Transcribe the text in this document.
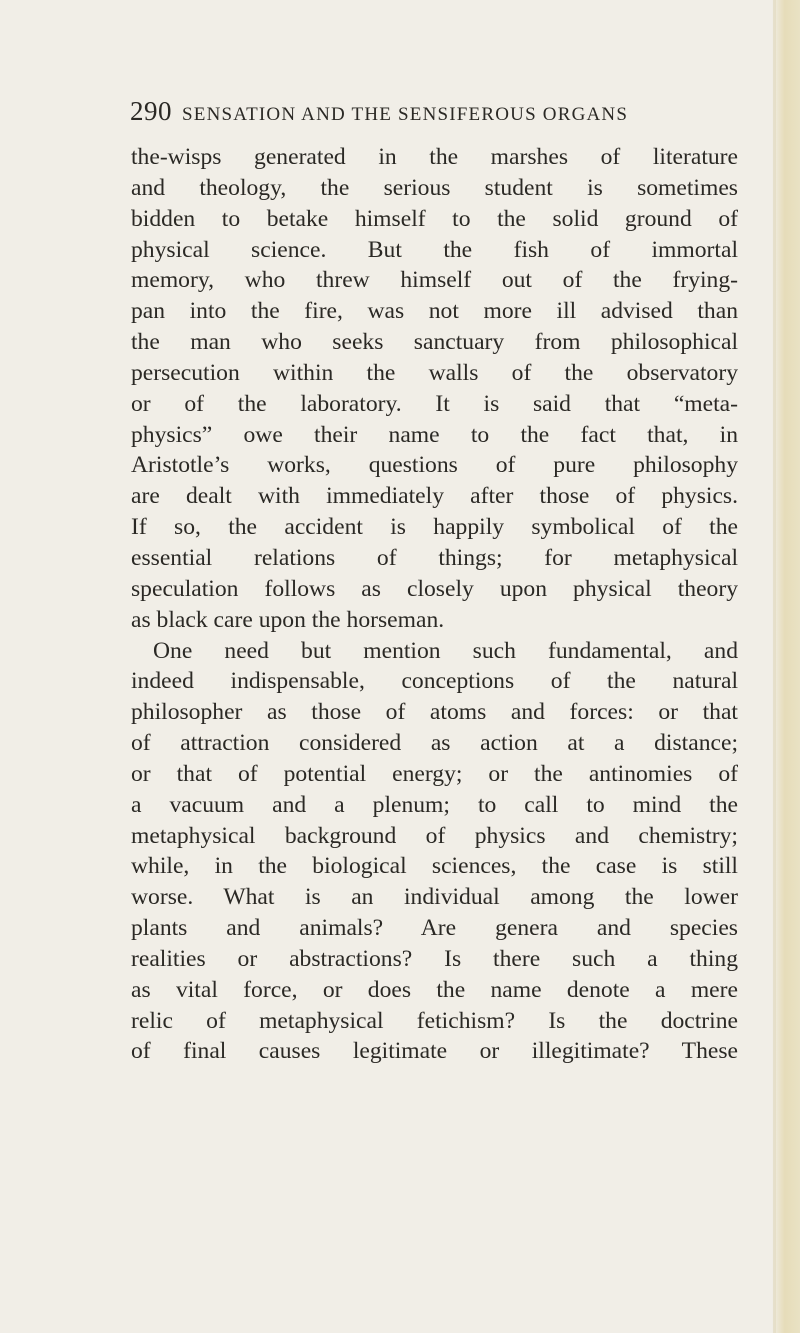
290 SENSATION AND THE SENSIFEROUS ORGANS
the-wisps generated in the marshes of literature
and theology, the serious student is sometimes
bidden to betake himself to the solid ground of
physical science. But the fish of immortal
memory, who threw himself out of the frying-
pan into the fire, was not more ill advised than
the man who seeks sanctuary from philosophical
persecution within the walls of the observatory
or of the laboratory. It is said that “meta-
physics” owe their name to the fact that, in
Aristotle’s works, questions of pure philosophy
are dealt with immediately after those of physics.
If so, the accident is happily symbolical of the
essential relations of things; for metaphysical
speculation follows as closely upon physical theory
as black care upon the horseman.
One need but mention such fundamental, and
indeed indispensable, conceptions of the natural
philosopher as those of atoms and forces: or that
of attraction considered as action at a distance;
or that of potential energy; or the antinomies of
a vacuum and a plenum; to call to mind the
metaphysical background of physics and chemistry;
while, in the biological sciences, the case is still
worse. What is an individual among the lower
plants and animals? Are genera and species
realities or abstractions? Is there such a thing
as vital force, or does the name denote a mere
relic of metaphysical fetichism? Is the doctrine
of final causes legitimate or illegitimate? These
